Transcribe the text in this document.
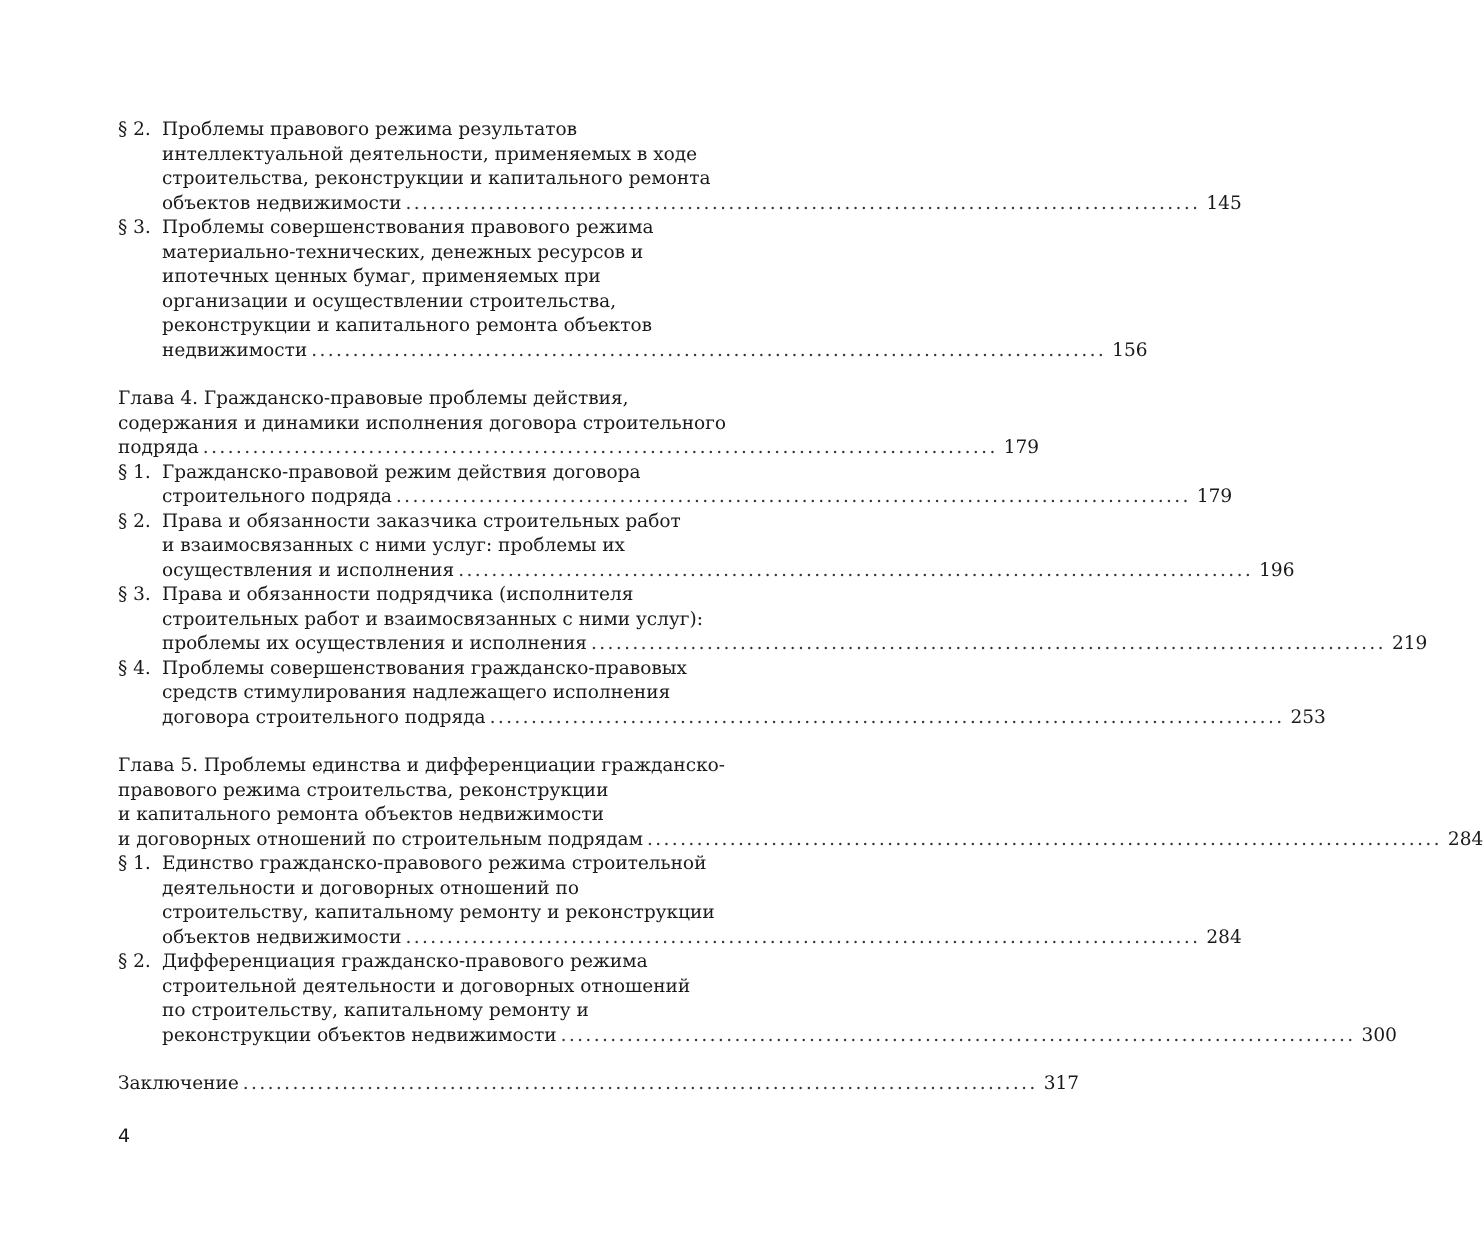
§ 2. Проблемы правового режима результатов
интеллектуальной деятельности, применяемых в ходе
строительства, реконструкции и капитального ремонта
объектов недвижимости ................................................................................................ 145
§ 3. Проблемы совершенствования правового режима
материально-технических, денежных ресурсов и
ипотечных ценных бумаг, применяемых при
организации и осуществлении строительства,
реконструкции и капитального ремонта объектов
недвижимости ................................................................................................ 156
Глава 4. Гражданско-правовые проблемы действия,
содержания и динамики исполнения договора строительного
подряда ................................................................................................ 179
§ 1. Гражданско-правовой режим действия договора
строительного подряда ................................................................................................ 179
§ 2. Права и обязанности заказчика строительных работ
и взаимосвязанных с ними услуг: проблемы их
осуществления и исполнения ................................................................................................ 196
§ 3. Права и обязанности подрядчика (исполнителя
строительных работ и взаимосвязанных с ними услуг):
проблемы их осуществления и исполнения ................................................................................................ 219
§ 4. Проблемы совершенствования гражданско-правовых
средств стимулирования надлежащего исполнения
договора строительного подряда ................................................................................................ 253
Глава 5. Проблемы единства и дифференциации гражданско-
правового режима строительства, реконструкции
и капитального ремонта объектов недвижимости
и договорных отношений по строительным подрядам ................................................................................................ 284
§ 1. Единство гражданско-правового режима строительной
деятельности и договорных отношений по
строительству, капитальному ремонту и реконструкции
объектов недвижимости ................................................................................................ 284
§ 2. Дифференциация гражданско-правового режима
строительной деятельности и договорных отношений
по строительству, капитальному ремонту и
реконструкции объектов недвижимости ................................................................................................ 300
Заключение ................................................................................................ 317
4
